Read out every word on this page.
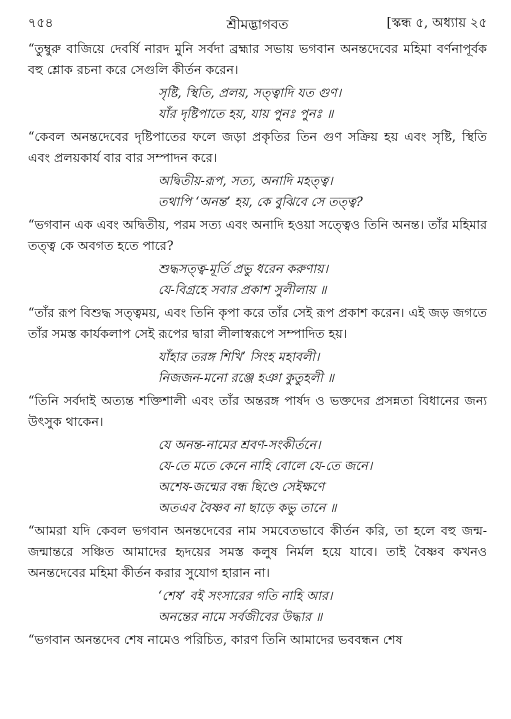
৭৫৪	শ্রীমদ্ভাগবত	[স্কন্ধ ৫, অধ্যায় ২৫

“তুম্বুরু বাজিয়ে দেবর্ষি নারদ মুনি সর্বদা ব্রহ্মার সভায় ভগবান অনন্তদেবের মহিমা বর্ণনাপূর্বক বহু শ্লোক রচনা করে সেগুলি কীর্তন করেন।

সৃষ্টি, স্থিতি, প্রলয়, সত্ত্বাদি যত গুণ।
যাঁর দৃষ্টিপাতে হয়, যায় পুনঃ পুনঃ ॥

“কেবল অনন্তদেবের দৃষ্টিপাতের ফলে জড়া প্রকৃতির তিন গুণ সক্রিয় হয় এবং সৃষ্টি, স্থিতি এবং প্রলয়কার্য বার বার সম্পাদন করে।

অদ্বিতীয়-রূপ, সত্য, অনাদি মহত্ত্ব।
তথাপি ‘অনন্ত’ হয়, কে বুঝিবে সে তত্ত্ব?

“ভগবান এক এবং অদ্বিতীয়, পরম সত্য এবং অনাদি হওয়া সত্ত্বেও তিনি অনন্ত। তাঁর মহিমার তত্ত্ব কে অবগত হতে পারে?

শুদ্ধসত্ত্ব-মূর্তি প্রভু ধরেন করুণায়।
যে-বিগ্রহে সবার প্রকাশ সুলীলায় ॥

“তাঁর রূপ বিশুদ্ধ সত্ত্বময়, এবং তিনি কৃপা করে তাঁর সেই রূপ প্রকাশ করেন। এই জড় জগতে তাঁর সমস্ত কার্যকলাপ সেই রূপের দ্বারা লীলাস্বরূপে সম্পাদিত হয়।

যাঁহার তরঙ্গ শিখি’ সিংহ মহাবলী।
নিজজন-মনো রঞ্জে হঞা কুতুহলী ॥

“তিনি সর্বদাই অত্যন্ত শক্তিশালী এবং তাঁর অন্তরঙ্গ পার্ষদ ও ভক্তদের প্রসন্নতা বিধানের জন্য উৎসুক থাকেন।

যে অনন্ত-নামের শ্রবণ-সংকীর্তনে।
যে-তে মতে কেনে নাহি বোলে যে-তে জনে।
অশেষ-জন্মের বন্ধ ছিণ্ডে সেইক্ষণে
অতএব বৈষ্ণব না ছাড়ে কভু তানে ॥

“আমরা যদি কেবল ভগবান অনন্তদেবের নাম সমবেতভাবে কীর্তন করি, তা হলে বহু জন্ম-জন্মান্তরে সঞ্চিত আমাদের হৃদয়ের সমস্ত কলুষ নির্মল হয়ে যাবে। তাই বৈষ্ণব কখনও অনন্তদেবের মহিমা কীর্তন করার সুযোগ হারান না।

‘শেষ’ বই সংসারের গতি নাহি আর।
অনন্তের নামে সর্বজীবের উদ্ধার ॥

“ভগবান অনন্তদেব শেষ নামেও পরিচিত, কারণ তিনি আমাদের ভববন্ধন শেষ
